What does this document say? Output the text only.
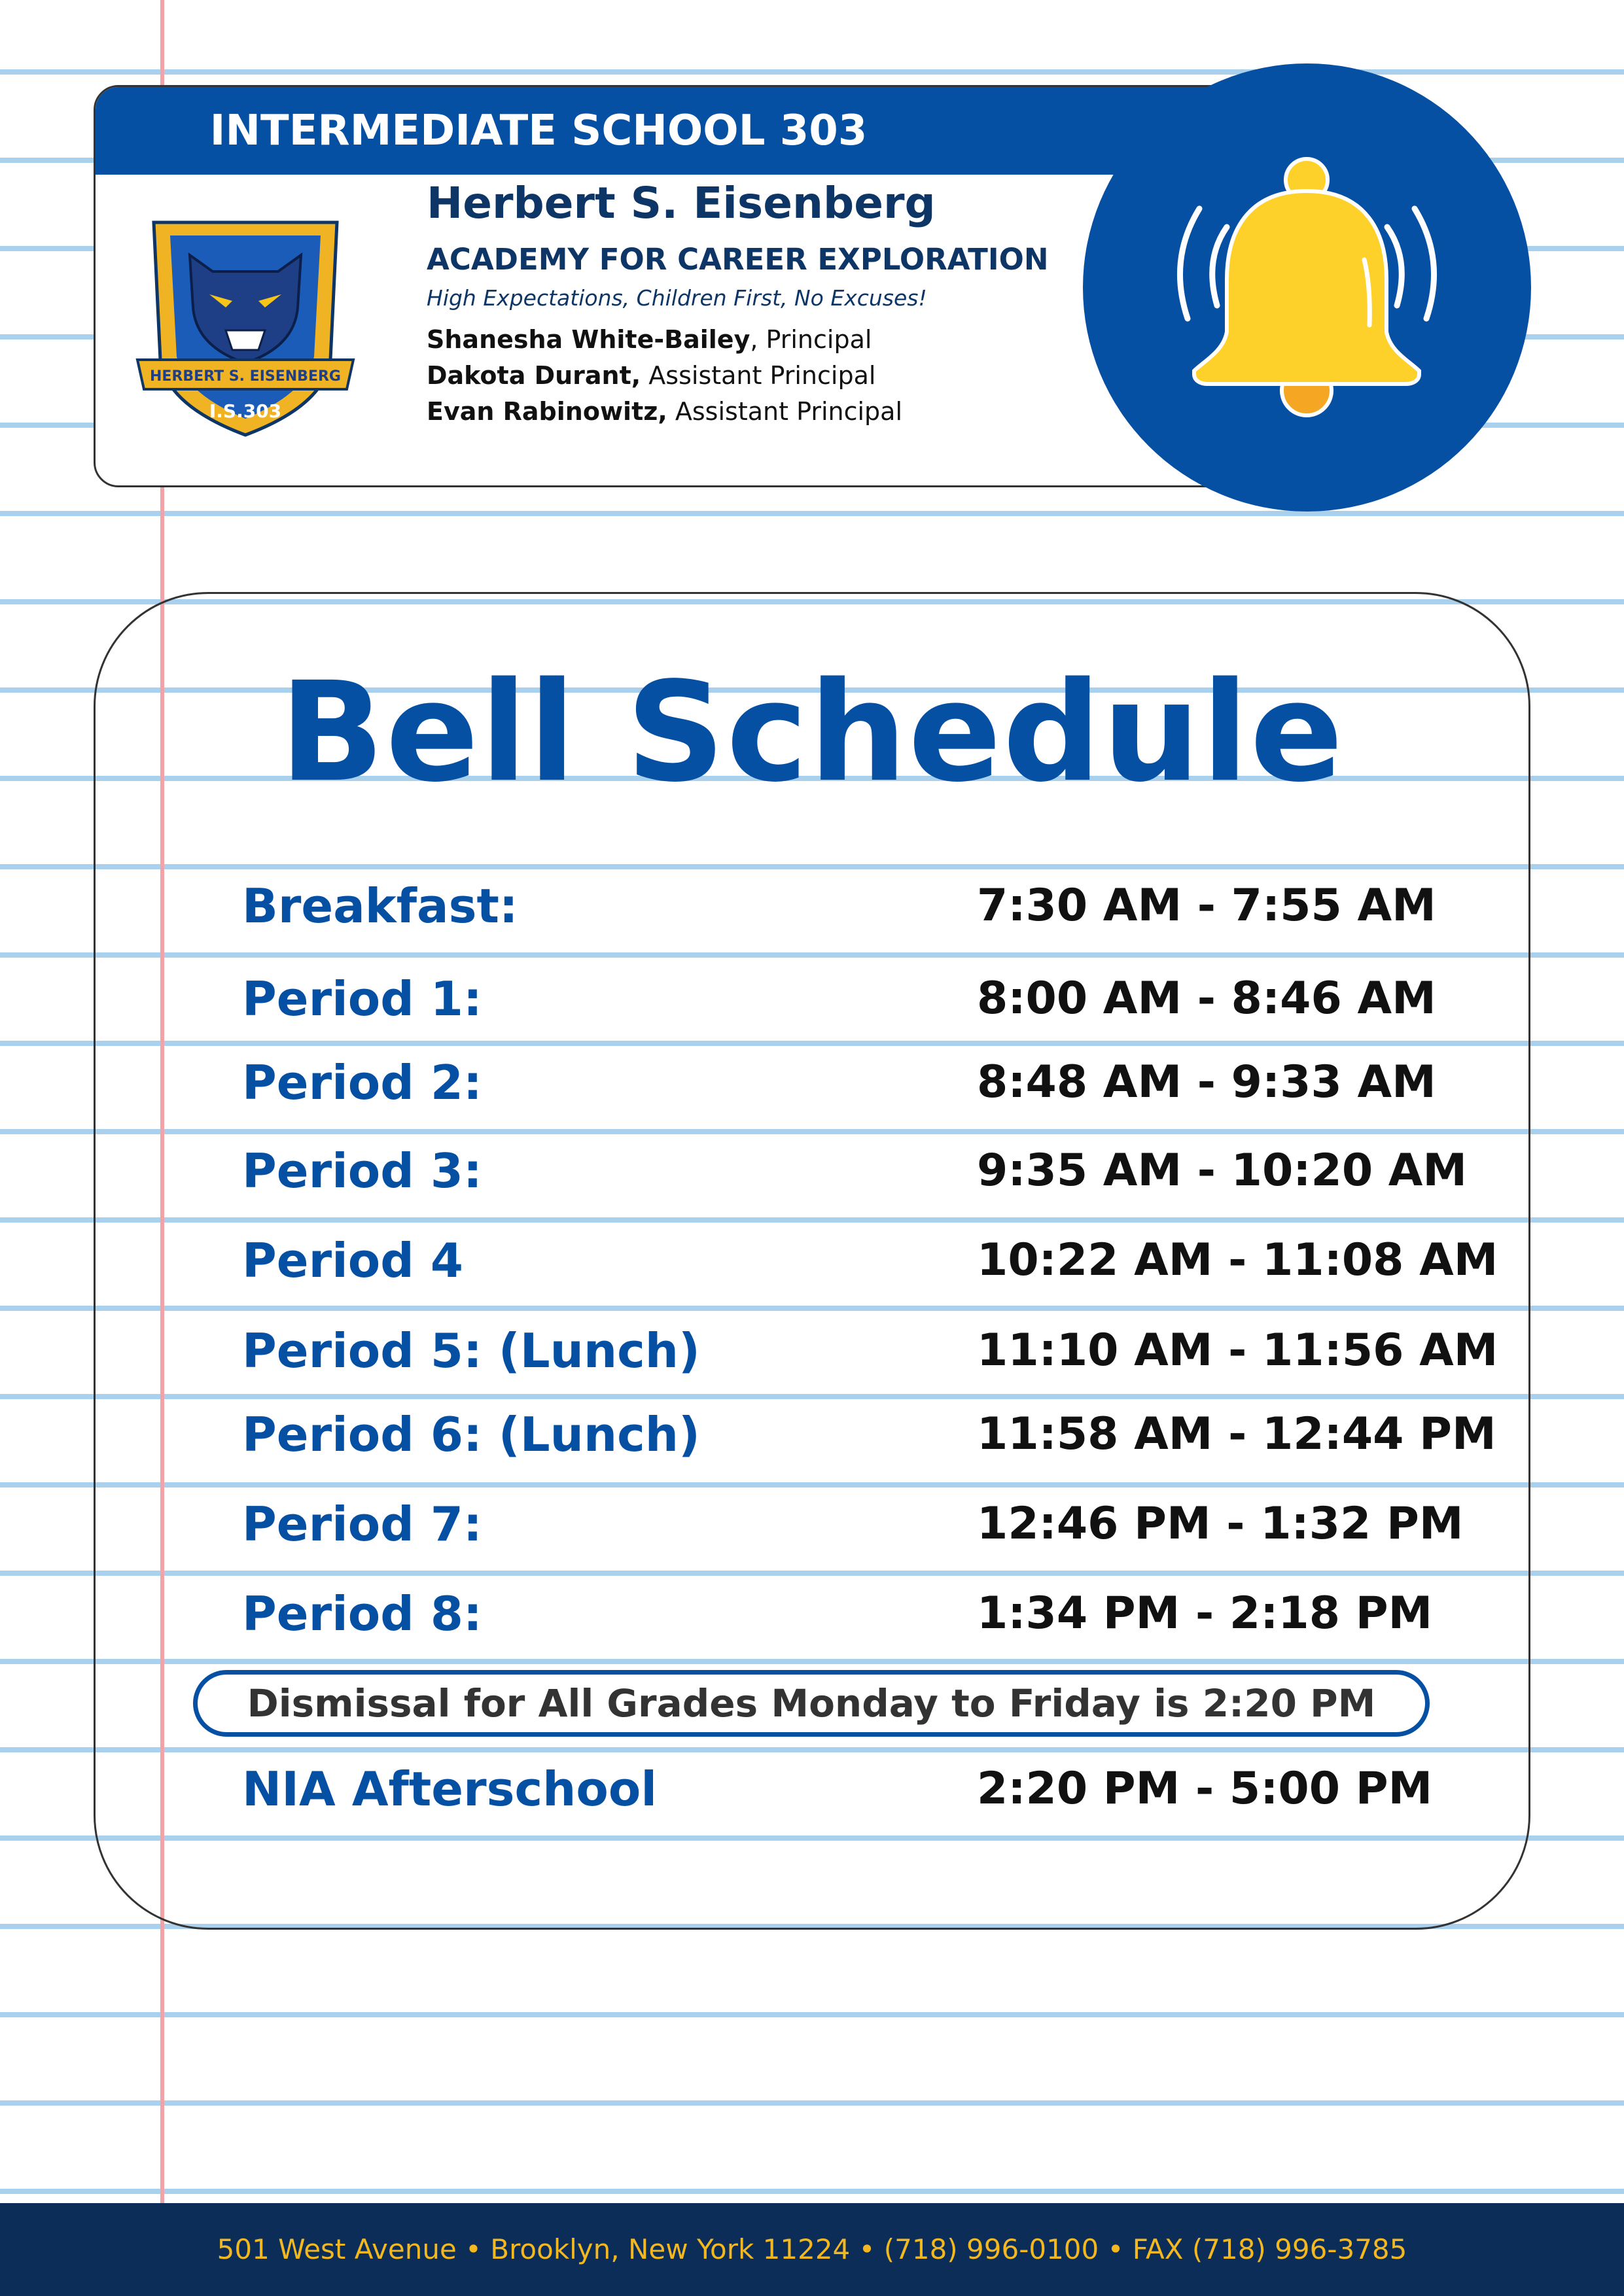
INTERMEDIATE SCHOOL 303
HERBERT S. EISENBERG
I.S.303
Herbert S. Eisenberg
ACADEMY FOR CAREER EXPLORATION
High Expectations, Children First, No Excuses!
Shanesha White-Bailey, Principal
Dakota Durant, Assistant Principal
Evan Rabinowitz, Assistant Principal
Bell Schedule
Breakfast:	7:30 AM - 7:55 AM
Period 1:	8:00 AM - 8:46 AM
Period 2:	8:48 AM - 9:33 AM
Period 3:	9:35 AM - 10:20 AM
Period 4	10:22 AM - 11:08 AM
Period 5: (Lunch)	11:10 AM - 11:56 AM
Period 6: (Lunch)	11:58 AM - 12:44 PM
Period 7:	12:46 PM - 1:32 PM
Period 8:	1:34 PM - 2:18 PM
Dismissal for All Grades Monday to Friday is 2:20 PM
NIA Afterschool	2:20 PM - 5:00 PM
501 West Avenue • Brooklyn, New York 11224 • (718) 996-0100 • FAX (718) 996-3785
